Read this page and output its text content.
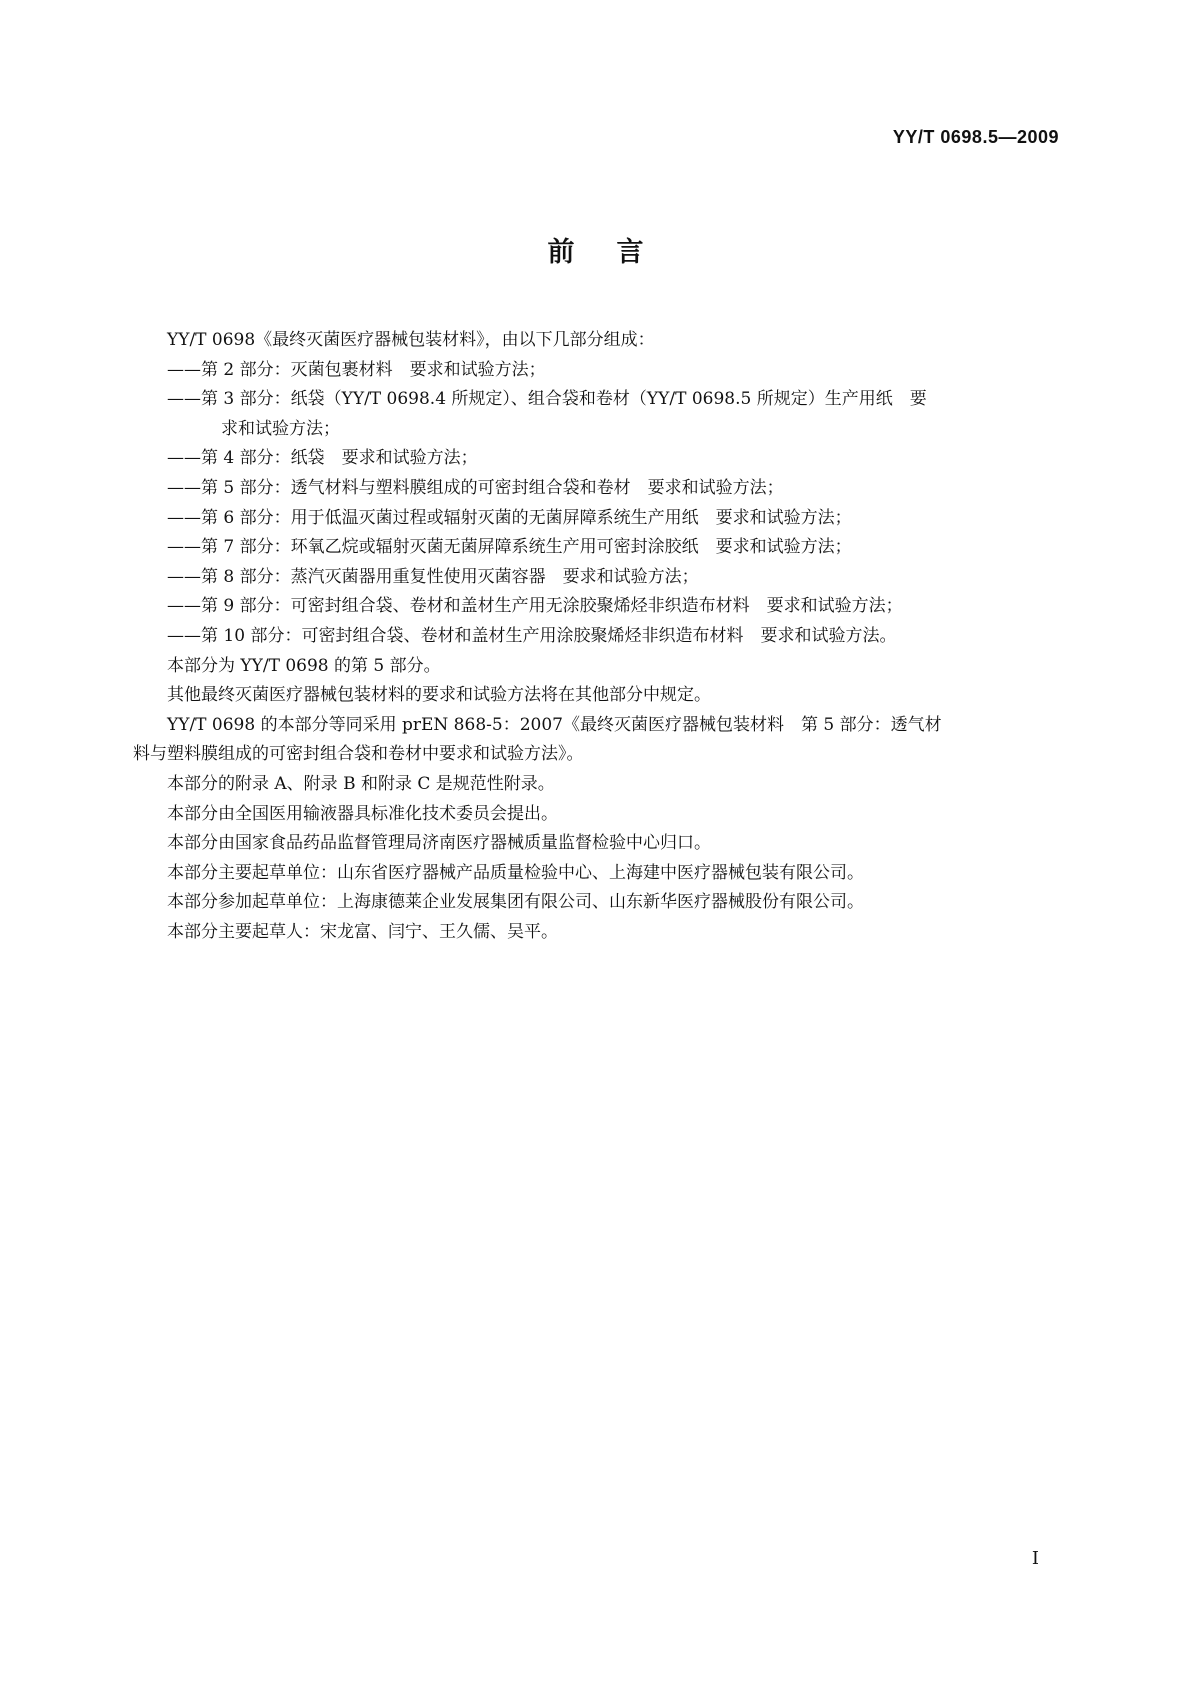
YY/T 0698.5—2009
前言

YY/T 0698《最终灭菌医疗器械包装材料》，由以下几部分组成：

——第 2 部分：灭菌包裹材料　要求和试验方法；

——第 3 部分：纸袋（YY/T 0698.4 所规定）、组合袋和卷材（YY/T 0698.5 所规定）生产用纸　要

求和试验方法；

——第 4 部分：纸袋　要求和试验方法；

——第 5 部分：透气材料与塑料膜组成的可密封组合袋和卷材　要求和试验方法；

——第 6 部分：用于低温灭菌过程或辐射灭菌的无菌屏障系统生产用纸　要求和试验方法；

——第 7 部分：环氧乙烷或辐射灭菌无菌屏障系统生产用可密封涂胶纸　要求和试验方法；

——第 8 部分：蒸汽灭菌器用重复性使用灭菌容器　要求和试验方法；

——第 9 部分：可密封组合袋、卷材和盖材生产用无涂胶聚烯烃非织造布材料　要求和试验方法；

——第 10 部分：可密封组合袋、卷材和盖材生产用涂胶聚烯烃非织造布材料　要求和试验方法。

本部分为 YY/T 0698 的第 5 部分。

其他最终灭菌医疗器械包装材料的要求和试验方法将在其他部分中规定。

YY/T 0698 的本部分等同采用 prEN 868-5：2007《最终灭菌医疗器械包装材料　第 5 部分：透气材

料与塑料膜组成的可密封组合袋和卷材中要求和试验方法》。

本部分的附录 A、附录 B 和附录 C 是规范性附录。

本部分由全国医用输液器具标准化技术委员会提出。

本部分由国家食品药品监督管理局济南医疗器械质量监督检验中心归口。

本部分主要起草单位：山东省医疗器械产品质量检验中心、上海建中医疗器械包装有限公司。

本部分参加起草单位：上海康德莱企业发展集团有限公司、山东新华医疗器械股份有限公司。

本部分主要起草人：宋龙富、闫宁、王久儒、吴平。

I
